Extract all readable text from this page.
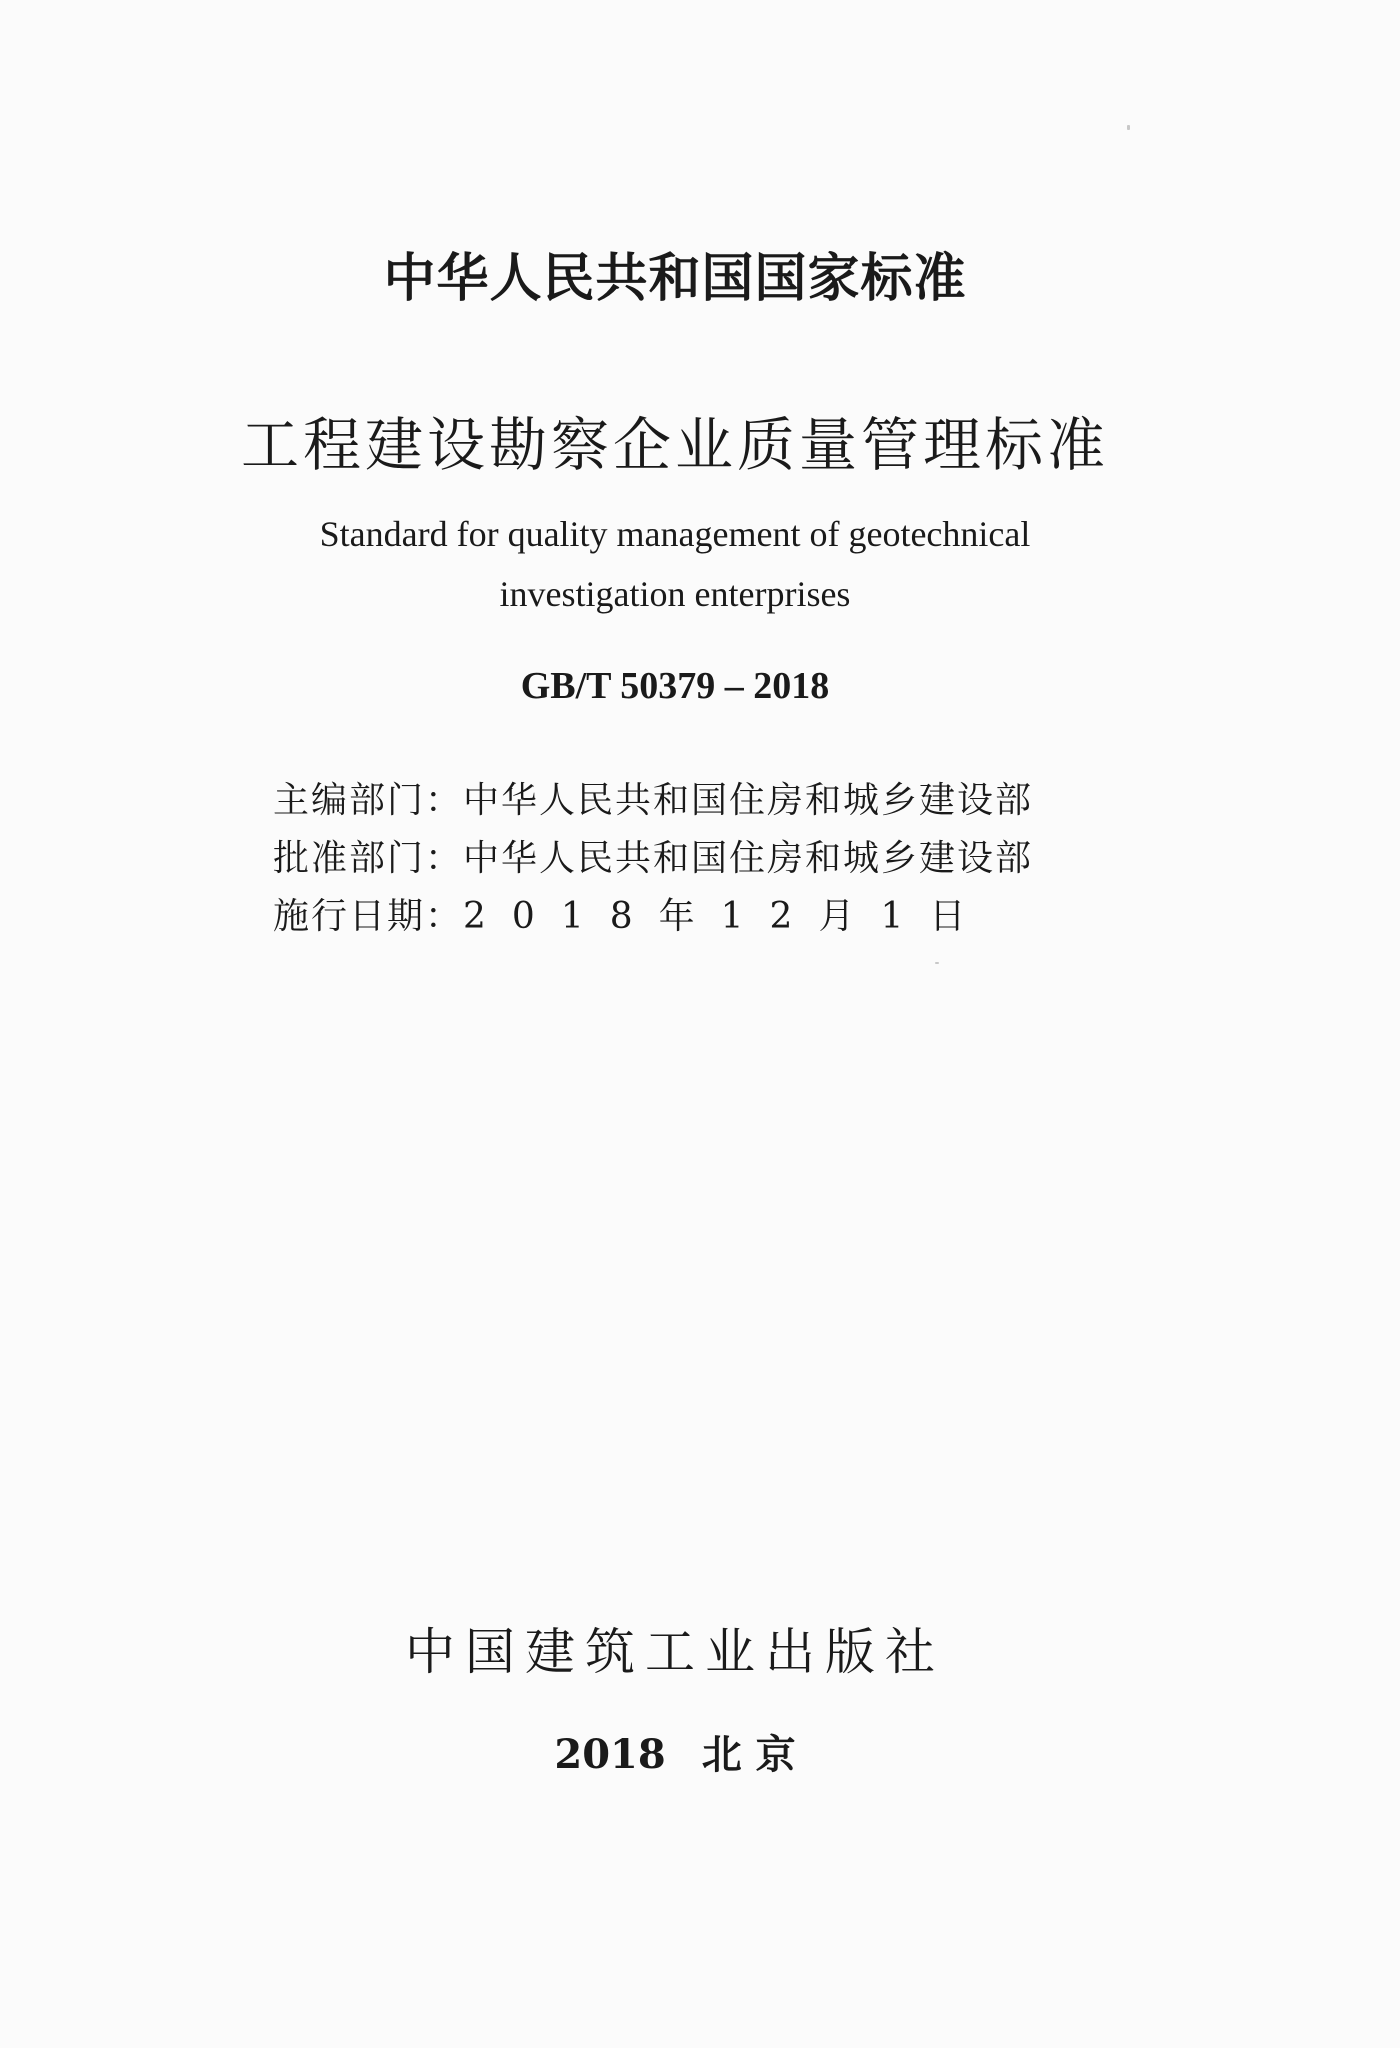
中华人民共和国国家标准
工程建设勘察企业质量管理标准
Standard for quality management of geotechnical
investigation enterprises
GB/T 50379 – 2018
主编部门：中华人民共和国住房和城乡建设部
批准部门：中华人民共和国住房和城乡建设部
施行日期：2018年12月1日
中国建筑工业出版社
2018 北 京
